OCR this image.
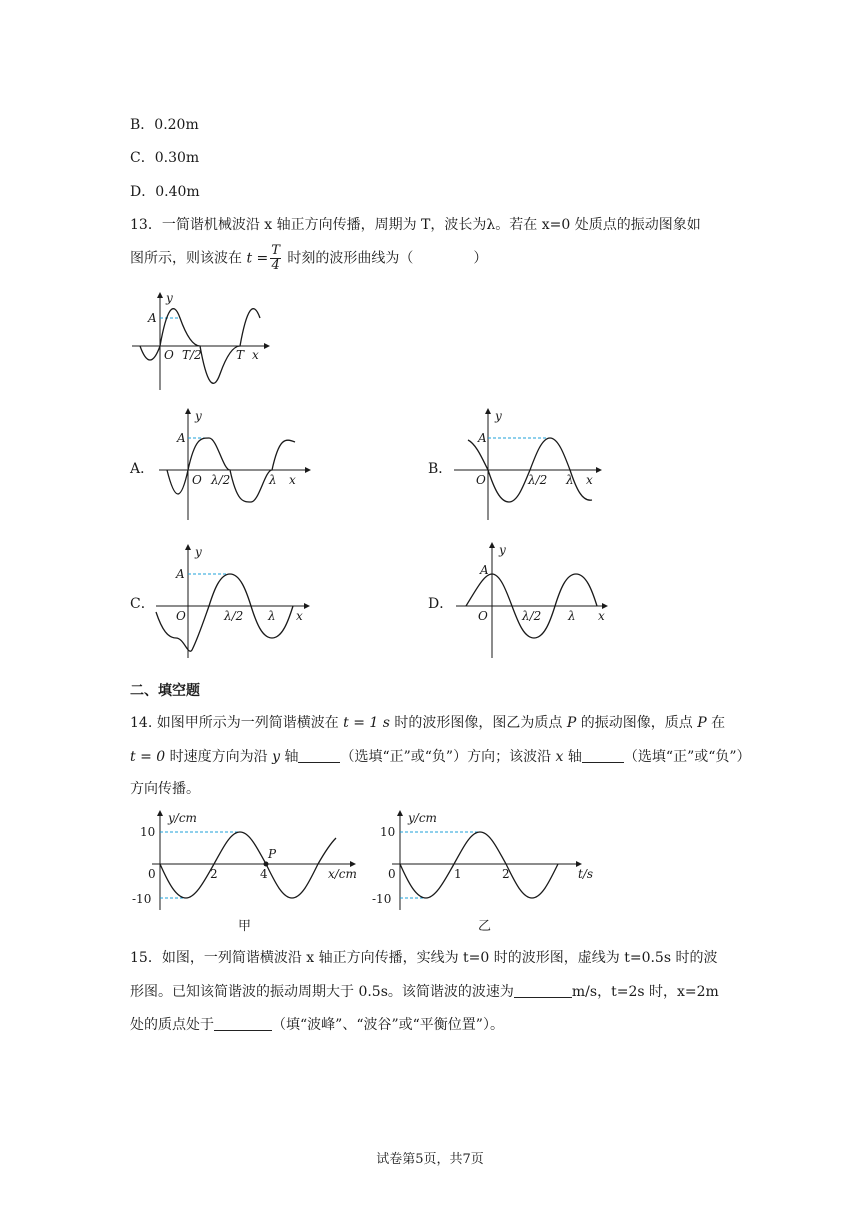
B．0.20m
C．0.30m
D．0.40m
13．一简谐机械波沿 x 轴正方向传播，周期为 T，波长为λ。若在 x=0 处质点的振动图象如
图所示，则该波在 $t = \frac{T}{4}$ 时刻的波形曲线为（	）
y
A
O T/2	T x
A．
y
A
O λ/2	λ x
B．
y
A
O	λ/2 λ x
C．
y
A
O	λ/2 λ x
D．
y
A
O	λ/2 λ x
二、填空题
14. 如图甲所示为一列简谐横波在 t = 1 s 时的波形图像，图乙为质点 P 的振动图像，质点 P 在
t = 0 时速度方向为沿 y 轴	（选填“正”或“负”）方向；该波沿 x 轴	（选填“正”或“负”）
方向传播。
y/cm
10
-10
0	2	4
P
x/cm
甲
y/cm
10
-10
0	1	2	t/s
乙
15．如图，一列简谐横波沿 x 轴正方向传播，实线为 t=0 时的波形图，虚线为 t=0.5s 时的波
形图。已知该简谐波的振动周期大于 0.5s。该简谐波的波速为	m/s，t=2s 时，x=2m
处的质点处于	（填“波峰”、“波谷”或“平衡位置”）。
试卷第5页，共7页
